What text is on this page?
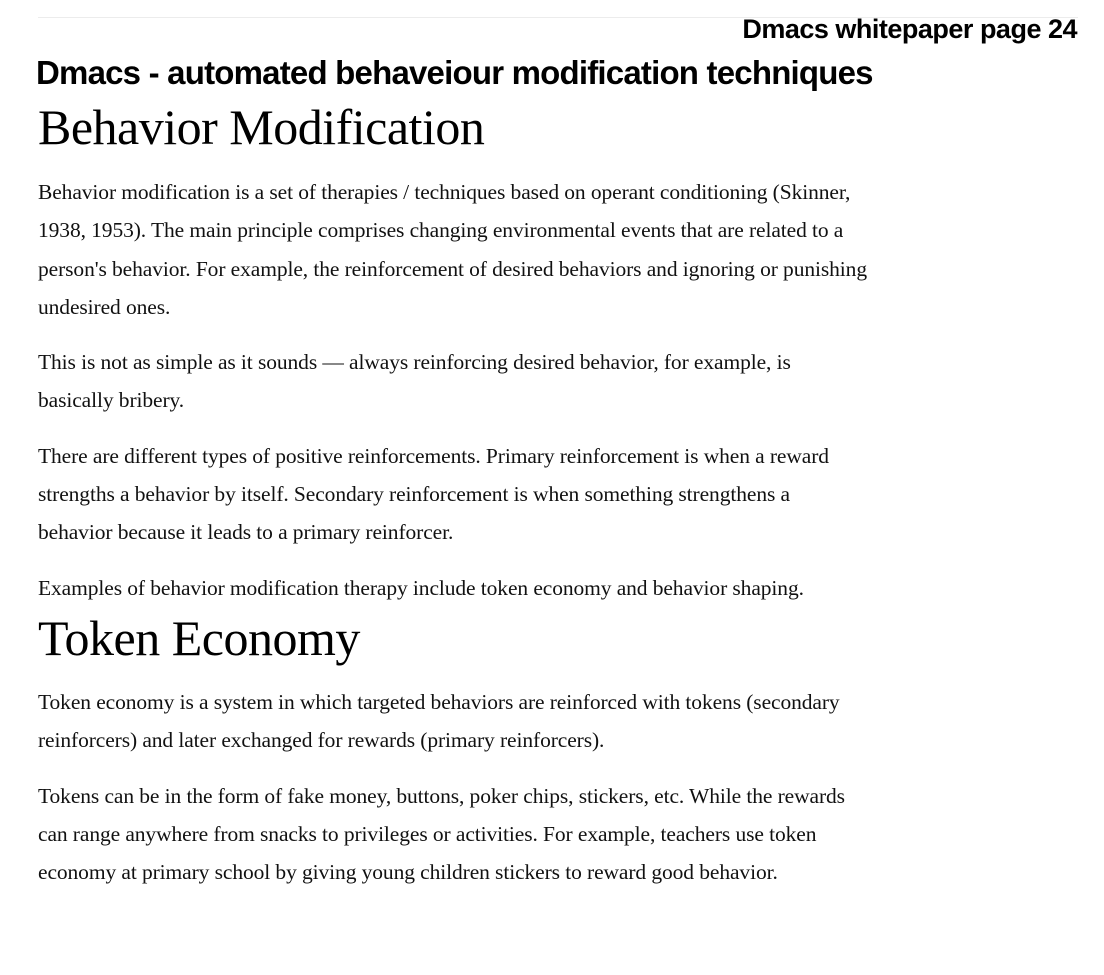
Dmacs whitepaper page 24
Dmacs - automated behaveiour modification techniques
Behavior Modification

Behavior modification is a set of therapies / techniques based on operant conditioning (Skinner, 1938, 1953). The main principle comprises changing environmental events that are related to a person's behavior. For example, the reinforcement of desired behaviors and ignoring or punishing undesired ones.

This is not as simple as it sounds — always reinforcing desired behavior, for example, is basically bribery.

There are different types of positive reinforcements. Primary reinforcement is when a reward strengths a behavior by itself. Secondary reinforcement is when something strengthens a behavior because it leads to a primary reinforcer.

Examples of behavior modification therapy include token economy and behavior shaping.

Token Economy

Token economy is a system in which targeted behaviors are reinforced with tokens (secondary reinforcers) and later exchanged for rewards (primary reinforcers).

Tokens can be in the form of fake money, buttons, poker chips, stickers, etc. While the rewards can range anywhere from snacks to privileges or activities. For example, teachers use token economy at primary school by giving young children stickers to reward good behavior.
